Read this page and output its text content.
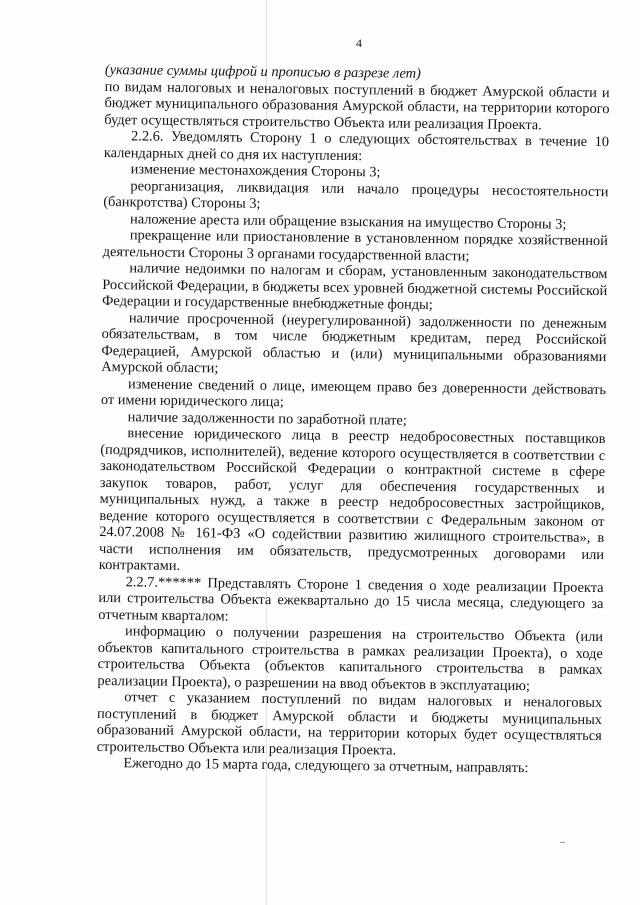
4

(указание суммы цифрой и прописью в разрезе лет)

по видам налоговых и неналоговых поступлений в бюджет Амурской области и бюджет муниципального образования Амурской области, на территории которого будет осуществляться строительство Объекта или реализация Проекта.

2.2.6. Уведомлять Сторону 1 о следующих обстоятельствах в течение 10 календарных дней со дня их наступления:

изменение местонахождения Стороны 3;

реорганизация, ликвидация или начало процедуры несостоятельности (банкротства) Стороны 3;

наложение ареста или обращение взыскания на имущество Стороны 3;

прекращение или приостановление в установленном порядке хозяйственной деятельности Стороны 3 органами государственной власти;

наличие недоимки по налогам и сборам, установленным законодательством Российской Федерации, в бюджеты всех уровней бюджетной системы Российской Федерации и государственные внебюджетные фонды;

наличие просроченной (неурегулированной) задолженности по денежным обязательствам, в том числе бюджетным кредитам, перед Российской Федерацией, Амурской областью и (или) муниципальными образованиями Амурской области;

изменение сведений о лице, имеющем право без доверенности действовать от имени юридического лица;

наличие задолженности по заработной плате;

внесение юридического лица в реестр недобросовестных поставщиков (подрядчиков, исполнителей), ведение которого осуществляется в соответствии с законодательством Российской Федерации о контрактной системе в сфере закупок товаров, работ, услуг для обеспечения государственных и муниципальных нужд, а также в реестр недобросовестных застройщиков, ведение которого осуществляется в соответствии с Федеральным законом от 24.07.2008 № 161-ФЗ «О содействии развитию жилищного строительства», в части исполнения им обязательств, предусмотренных договорами или контрактами.

2.2.7.****** Представлять Стороне 1 сведения о ходе реализации Проекта или строительства Объекта ежеквартально до 15 числа месяца, следующего за отчетным кварталом:

информацию о получении разрешения на строительство Объекта (или объектов капитального строительства в рамках реализации Проекта), о ходе строительства Объекта (объектов капитального строительства в рамках реализации Проекта), о разрешении на ввод объектов в эксплуатацию;

отчет с указанием поступлений по видам налоговых и неналоговых поступлений в бюджет Амурской области и бюджеты муниципальных образований Амурской области, на территории которых будет осуществляться строительство Объекта или реализация Проекта.

Ежегодно до 15 марта года, следующего за отчетным, направлять:
